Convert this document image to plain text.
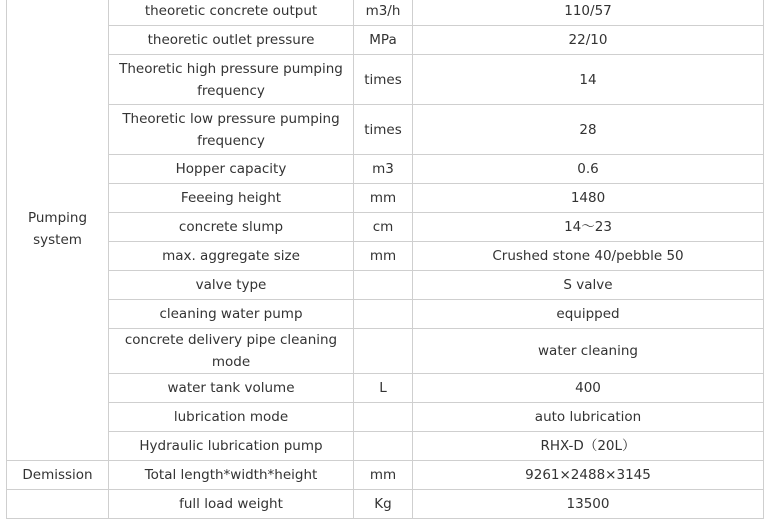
Pumping system	theoretic concrete output	m3/h	110/57
	theoretic outlet pressure	MPa	22/10
	Theoretic high pressure pumping frequency	times	14
	Theoretic low pressure pumping frequency	times	28
	Hopper capacity	m3	0.6
	Feeeing height	mm	1480
	concrete slump	cm	14～23
	max. aggregate size	mm	Crushed stone 40/pebble 50
	valve type		S valve
	cleaning water pump		equipped
	concrete delivery pipe cleaning mode		water cleaning
	water tank volume	L	400
	lubrication mode		auto lubrication
	Hydraulic lubrication pump		RHX-D（20L）
Demission	Total length*width*height	mm	9261×2488×3145
	full load weight	Kg	13500
